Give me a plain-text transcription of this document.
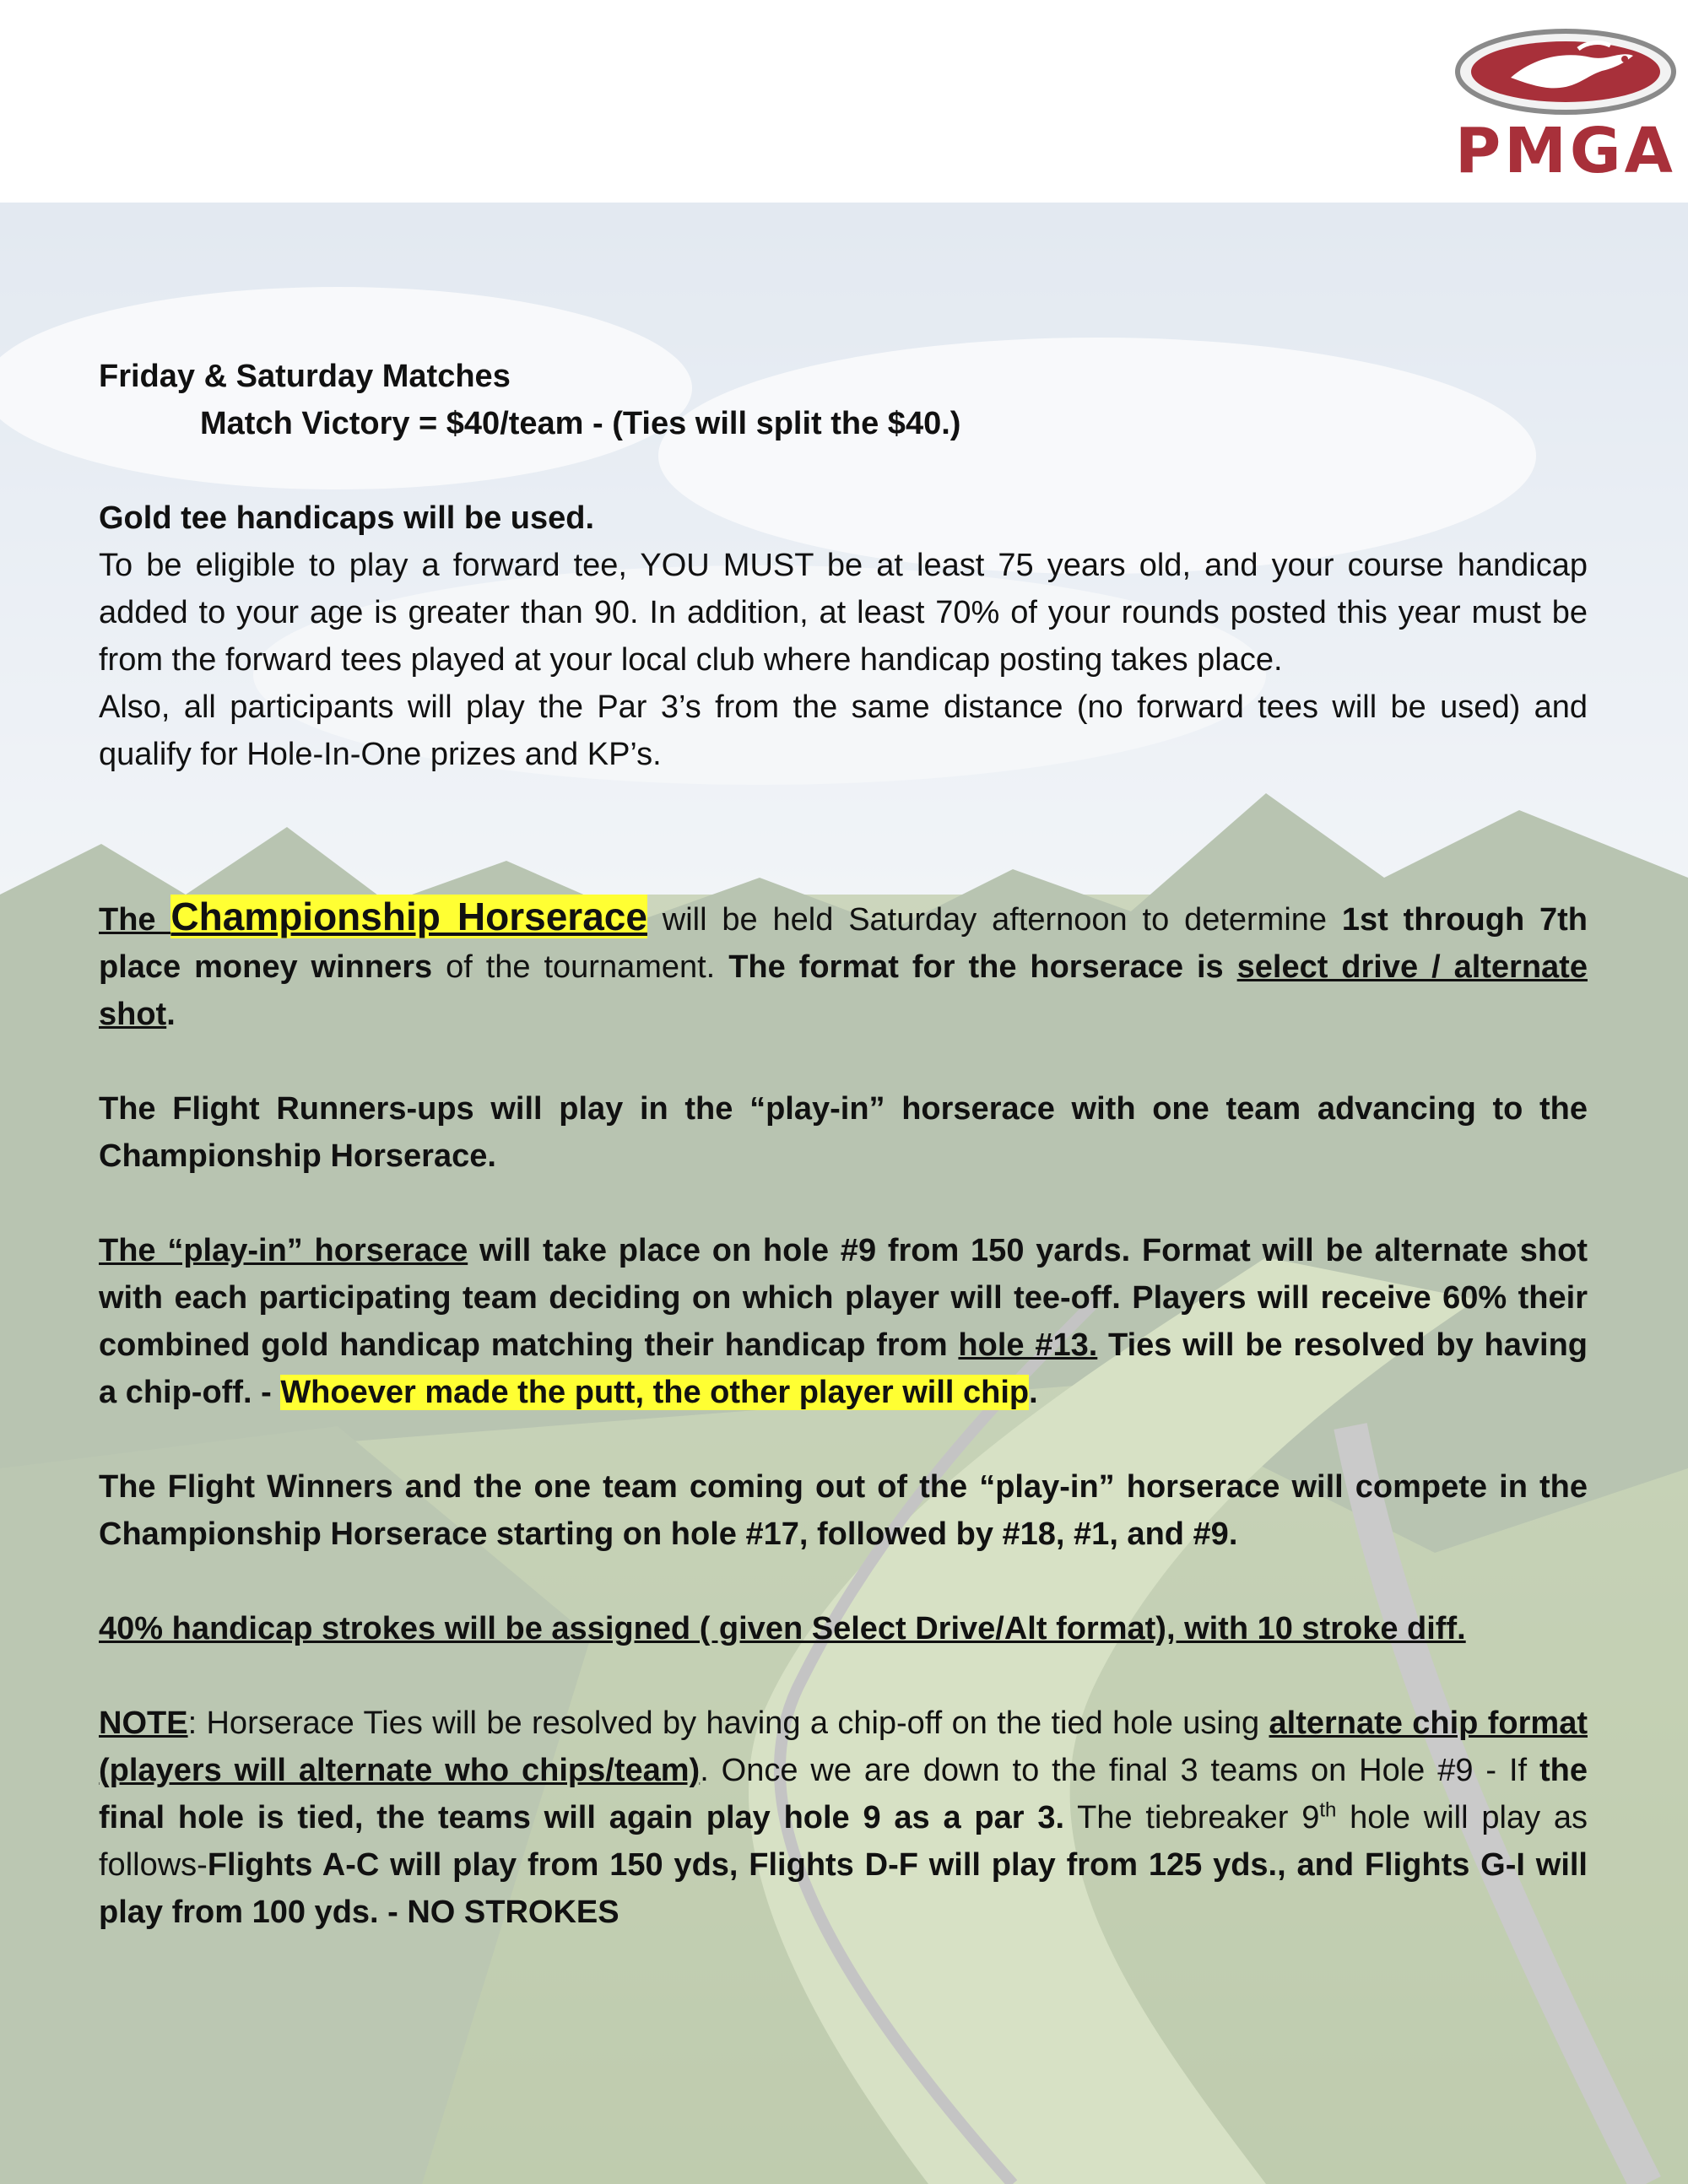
PMGA

Friday & Saturday Matches

Match Victory = $40/team - (Ties will split the $40.)

Gold tee handicaps will be used.

To be eligible to play a forward tee, YOU MUST be at least 75 years old, and your course handicap added to your age is greater than 90. In addition, at least 70% of your rounds posted this year must be from the forward tees played at your local club where handicap posting takes place.

Also, all participants will play the Par 3’s from the same distance (no forward tees will be used) and qualify for Hole-In-One prizes and KP’s.

The Championship Horserace will be held Saturday afternoon to determine 1st through 7th place money winners of the tournament. The format for the horserace is select drive / alternate shot.

The Flight Runners-ups will play in the “play-in” horserace with one team advancing to the Championship Horserace.

The “play-in” horserace will take place on hole #9 from 150 yards. Format will be alternate shot with each participating team deciding on which player will tee-off. Players will receive 60% their combined gold handicap matching their handicap from hole #13. Ties will be resolved by having a chip-off. - Whoever made the putt, the other player will chip.

The Flight Winners and the one team coming out of the “play-in” horserace will compete in the Championship Horserace starting on hole #17, followed by #18, #1, and #9.

40% handicap strokes will be assigned ( given Select Drive/Alt format), with 10 stroke diff.

NOTE: Horserace Ties will be resolved by having a chip-off on the tied hole using alternate chip format (players will alternate who chips/team). Once we are down to the final 3 teams on Hole #9 - If the final hole is tied, the teams will again play hole 9 as a par 3. The tiebreaker 9th hole will play as follows-Flights A-C will play from 150 yds, Flights D-F will play from 125 yds., and Flights G-I will play from 100 yds. - NO STROKES
